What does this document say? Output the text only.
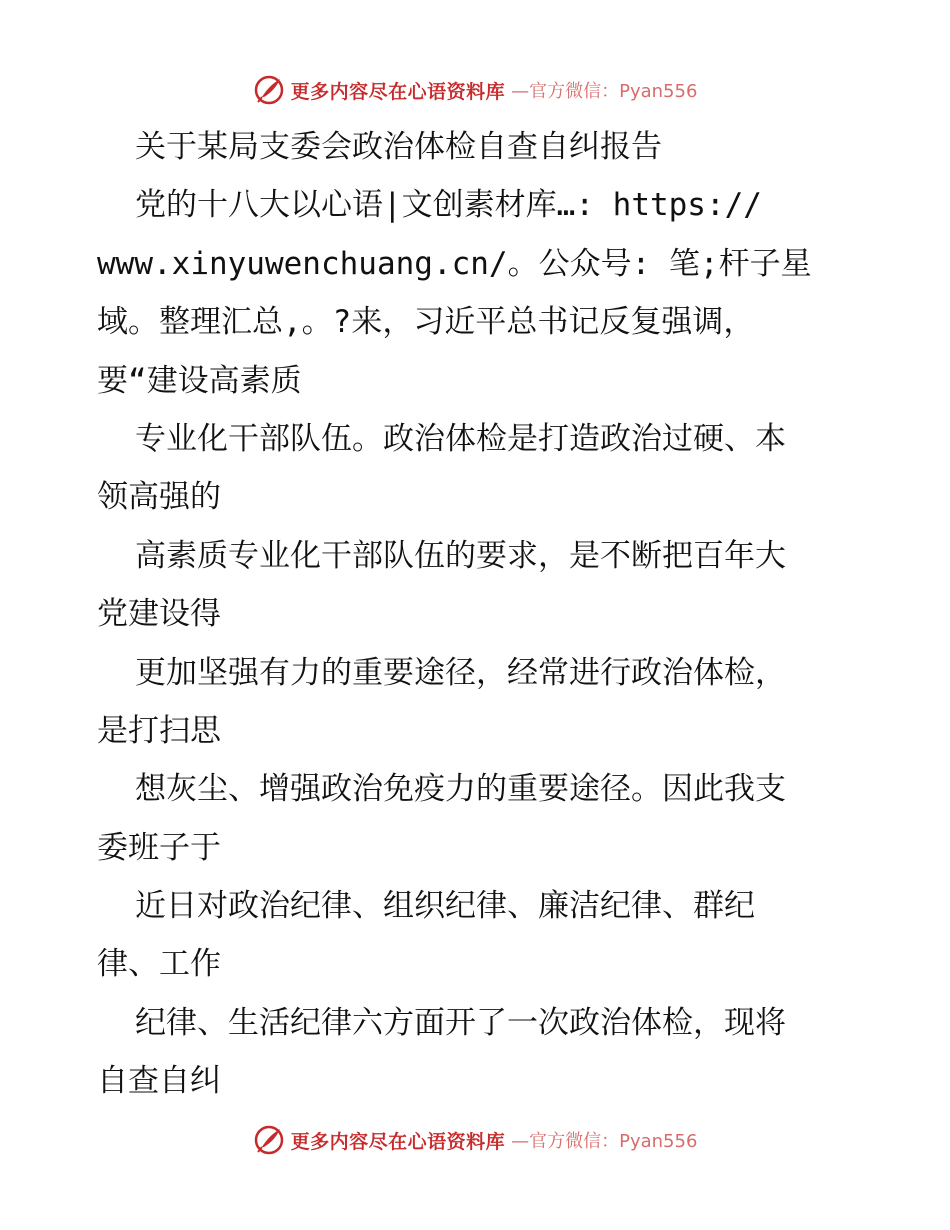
更多内容尽在心语资料库 —官方微信：Pyan556
关于某局支委会政治体检自查自纠报告
党的十八大以心语|文创素材库…: https://
www.xinyuwenchuang.cn/。公众号: 笔;杆子星
域。整理汇总,。?来，习近平总书记反复强调，
要“建设高素质
专业化干部队伍。政治体检是打造政治过硬、本
领高强的
高素质专业化干部队伍的要求，是不断把百年大
党建设得
更加坚强有力的重要途径，经常进行政治体检，
是打扫思
想灰尘、增强政治免疫力的重要途径。因此我支
委班子于
近日对政治纪律、组织纪律、廉洁纪律、群纪
律、工作
纪律、生活纪律六方面开了一次政治体检，现将
自查自纠
更多内容尽在心语资料库 —官方微信：Pyan556
